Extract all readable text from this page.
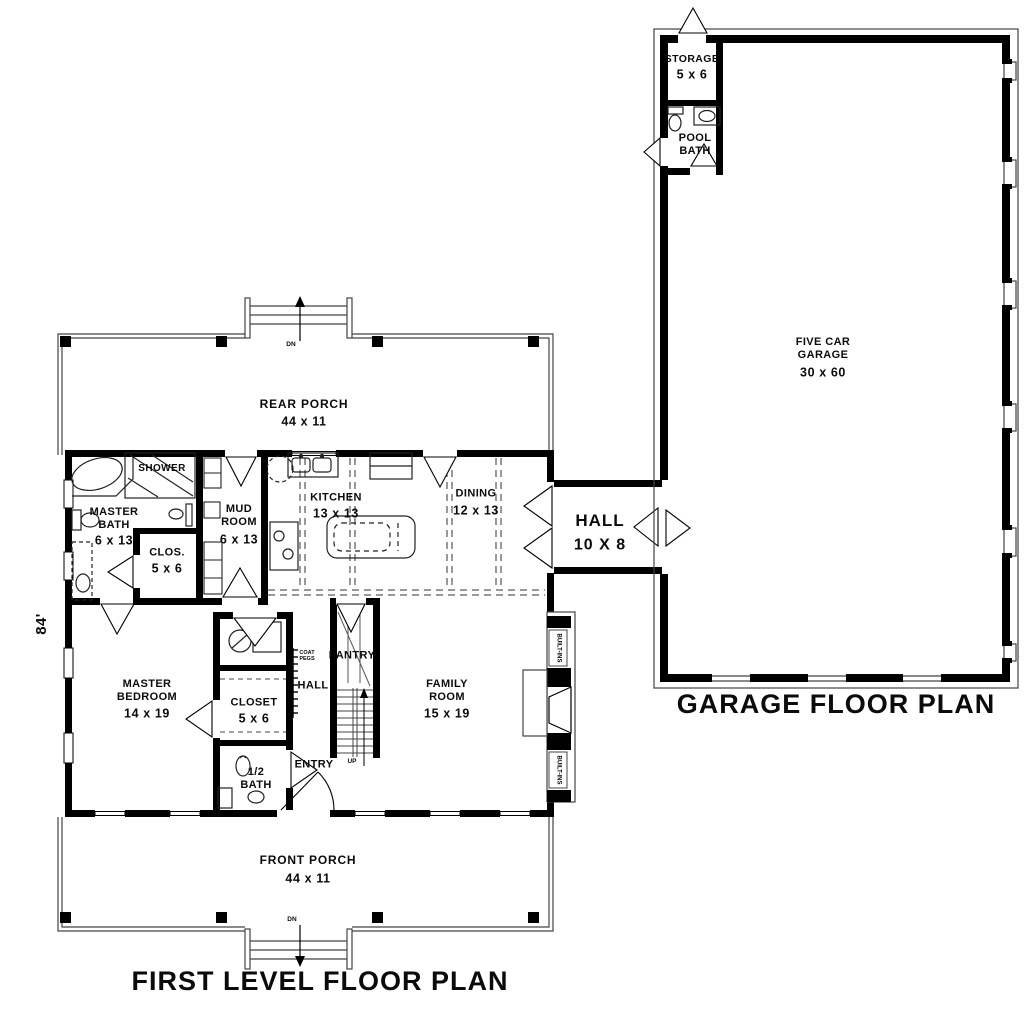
REAR PORCH
44 x 11
DN
MASTER BATH
6 x 13
SHOWER
CLOS.
5 x 6
MUD ROOM
6 x 13
KITCHEN
13 x 13
DINING
12 x 13
HALL
10 X 8
MASTER BEDROOM
14 x 19
CLOSET
5 x 6
HALL
PANTRY
COAT PEGS
FAMILY ROOM
15 x 19
1/2 BATH
ENTRY
BUILT-INS
BUILT-INS
UP
FRONT PORCH
44 x 11
DN
84'
FIRST LEVEL FLOOR PLAN
STORAGE
5 x 6
POOL BATH
FIVE CAR GARAGE
30 x 60
GARAGE FLOOR PLAN
